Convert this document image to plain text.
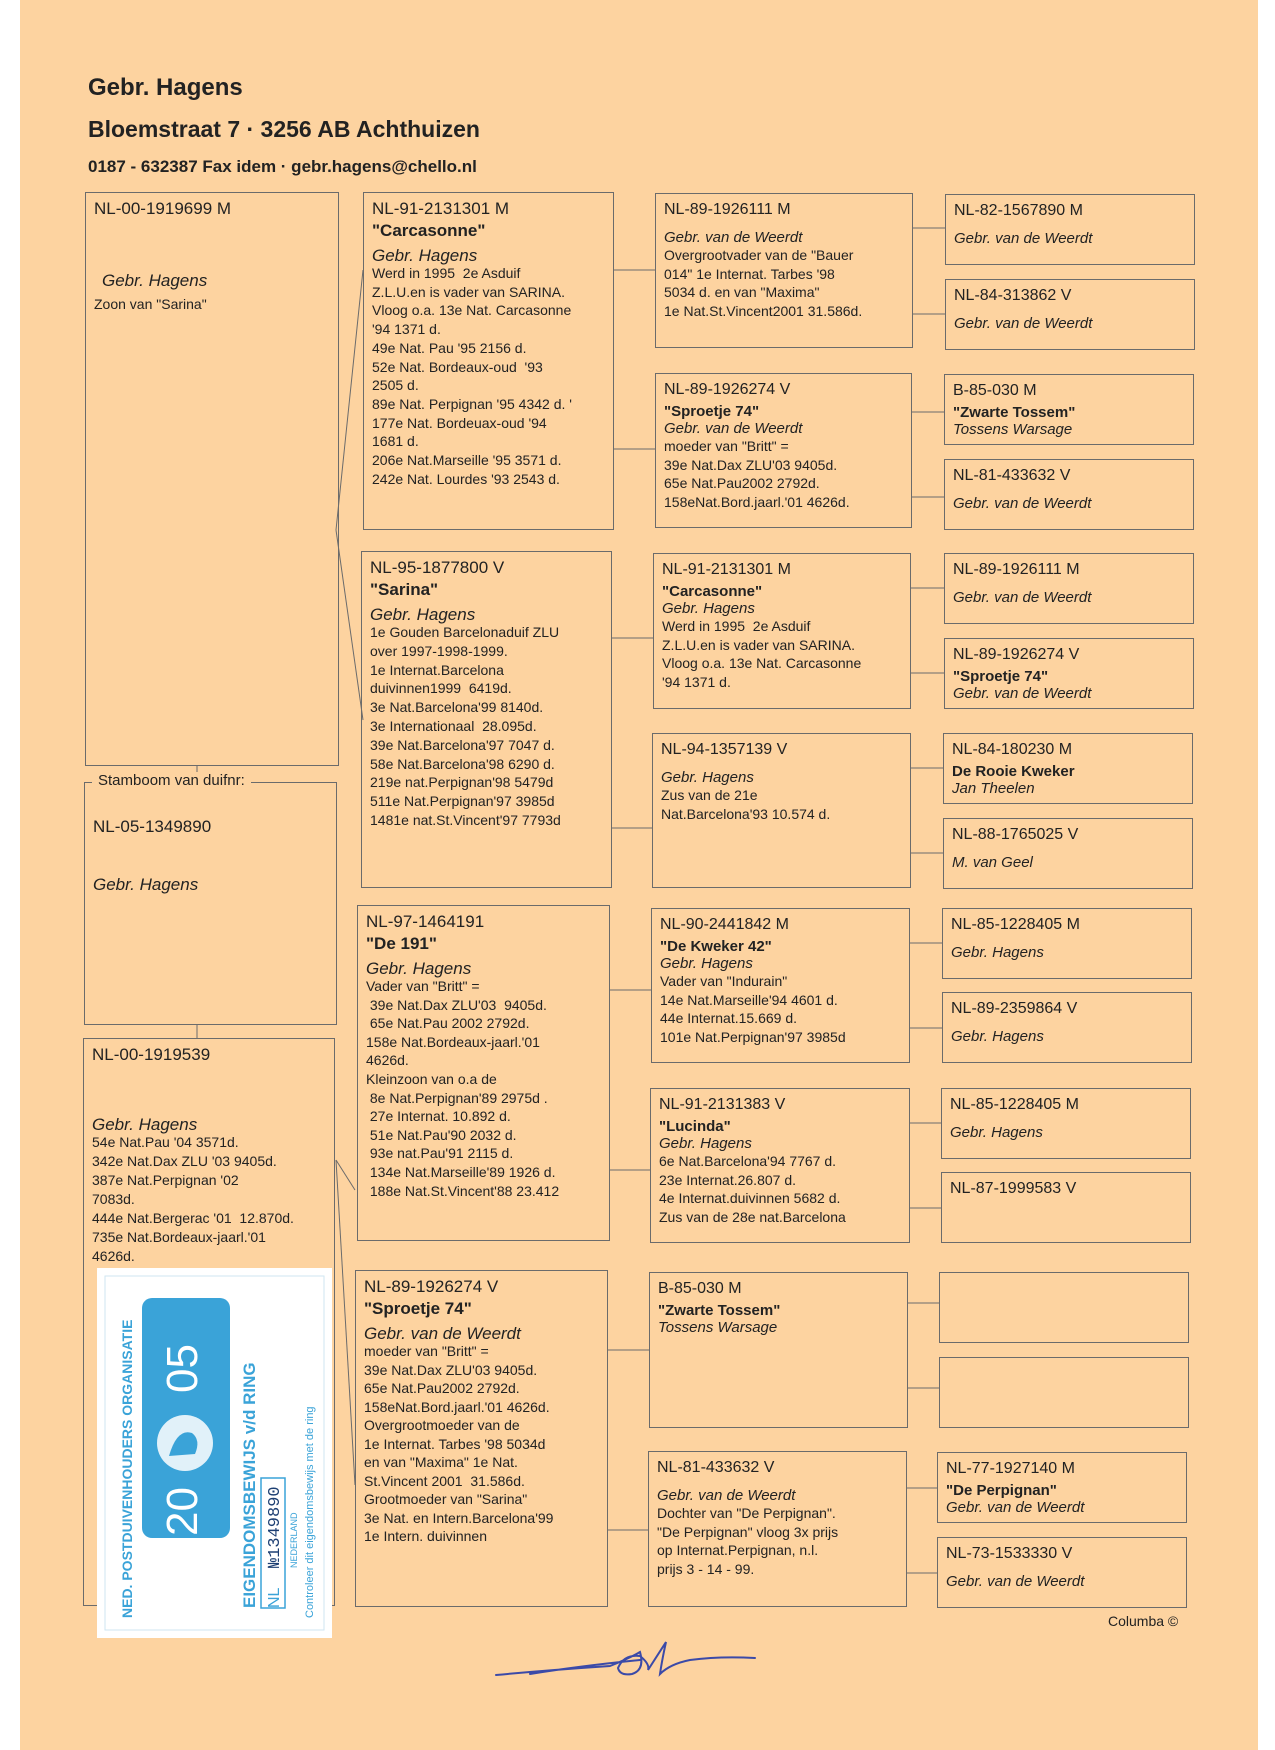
Gebr. Hagens
Bloemstraat 7 · 3256 AB Achthuizen
0187 - 632387 Fax idem · gebr.hagens@chello.nl
NL-00-1919699 M
Gebr. Hagens
Zoon van "Sarina"
NL-05-1349890
Gebr. Hagens
Stamboom van duifnr:
NL-00-1919539
Gebr. Hagens
54e Nat.Pau '04 3571d.
342e Nat.Dax ZLU '03 9405d.
387e Nat.Perpignan '02
7083d.
444e Nat.Bergerac '01  12.870d.
735e Nat.Bordeaux-jaarl.'01
4626d.
NL-91-2131301 M
"Carcasonne"
Gebr. Hagens
Werd in 1995  2e Asduif
Z.L.U.en is vader van SARINA.
Vloog o.a. 13e Nat. Carcasonne
'94 1371 d.
49e Nat. Pau '95 2156 d.
52e Nat. Bordeaux-oud  '93
2505 d.
89e Nat. Perpignan '95 4342 d. '
177e Nat. Bordeuax-oud '94
1681 d.
206e Nat.Marseille '95 3571 d.
242e Nat. Lourdes '93 2543 d.
NL-95-1877800 V
"Sarina"
Gebr. Hagens
1e Gouden Barcelonaduif ZLU
over 1997-1998-1999.
1e Internat.Barcelona
duivinnen1999  6419d.
3e Nat.Barcelona'99 8140d.
3e Internationaal  28.095d.
39e Nat.Barcelona'97 7047 d.
58e Nat.Barcelona'98 6290 d.
219e nat.Perpignan'98 5479d
511e Nat.Perpignan'97 3985d
1481e nat.St.Vincent'97 7793d
NL-97-1464191
"De 191"
Gebr. Hagens
Vader van "Britt" =
39e Nat.Dax ZLU'03  9405d.
65e Nat.Pau 2002 2792d.
158e Nat.Bordeaux-jaarl.'01
4626d.
Kleinzoon van o.a de
8e Nat.Perpignan'89 2975d .
27e Internat. 10.892 d.
51e Nat.Pau'90 2032 d.
93e nat.Pau'91 2115 d.
134e Nat.Marseille'89 1926 d.
188e Nat.St.Vincent'88 23.412
NL-89-1926274 V
"Sproetje 74"
Gebr. van de Weerdt
moeder van "Britt" =
39e Nat.Dax ZLU'03 9405d.
65e Nat.Pau2002 2792d.
158eNat.Bord.jaarl.'01 4626d.
Overgrootmoeder van de
1e Internat. Tarbes '98 5034d
en van "Maxima" 1e Nat.
St.Vincent 2001  31.586d.
Grootmoeder van "Sarina"
3e Nat. en Intern.Barcelona'99
1e Intern. duivinnen
NL-89-1926111 M
Gebr. van de Weerdt
Overgrootvader van de "Bauer
014" 1e Internat. Tarbes '98
5034 d. en van "Maxima"
1e Nat.St.Vincent2001 31.586d.
NL-89-1926274 V
"Sproetje 74"
Gebr. van de Weerdt
moeder van "Britt" =
39e Nat.Dax ZLU'03 9405d.
65e Nat.Pau2002 2792d.
158eNat.Bord.jaarl.'01 4626d.
NL-91-2131301 M
"Carcasonne"
Gebr. Hagens
Werd in 1995  2e Asduif
Z.L.U.en is vader van SARINA.
Vloog o.a. 13e Nat. Carcasonne
'94 1371 d.
NL-94-1357139 V
Gebr. Hagens
Zus van de 21e
Nat.Barcelona'93 10.574 d.
NL-90-2441842 M
"De Kweker 42"
Gebr. Hagens
Vader van "Indurain"
14e Nat.Marseille'94 4601 d.
44e Internat.15.669 d.
101e Nat.Perpignan'97 3985d
NL-91-2131383 V
"Lucinda"
Gebr. Hagens
6e Nat.Barcelona'94 7767 d.
23e Internat.26.807 d.
4e Internat.duivinnen 5682 d.
Zus van de 28e nat.Barcelona
B-85-030 M
"Zwarte Tossem"
Tossens Warsage
NL-81-433632 V
Gebr. van de Weerdt
Dochter van "De Perpignan".
"De Perpignan" vloog 3x prijs
op Internat.Perpignan, n.l.
prijs 3 - 14 - 99.
NL-82-1567890 M
Gebr. van de Weerdt
NL-84-313862 V
Gebr. van de Weerdt
B-85-030 M
"Zwarte Tossem"
Tossens Warsage
NL-81-433632 V
Gebr. van de Weerdt
NL-89-1926111 M
Gebr. van de Weerdt
NL-89-1926274 V
"Sproetje 74"
Gebr. van de Weerdt
NL-84-180230 M
De Rooie Kweker
Jan Theelen
NL-88-1765025 V
M. van Geel
NL-85-1228405 M
Gebr. Hagens
NL-89-2359864 V
Gebr. Hagens
NL-85-1228405 M
Gebr. Hagens
NL-87-1999583 V
NL-77-1927140 M
"De Perpignan"
Gebr. van de Weerdt
NL-73-1533330 V
Gebr. van de Weerdt
NED. POSTDUIVENHOUDERS ORGANISATIE 05
20 EIGENDOMSBEWIJS v/d RING NL
№1349890 NEDERLAND Controleer dit eigendomsbewijs met de ring
Columba ©
